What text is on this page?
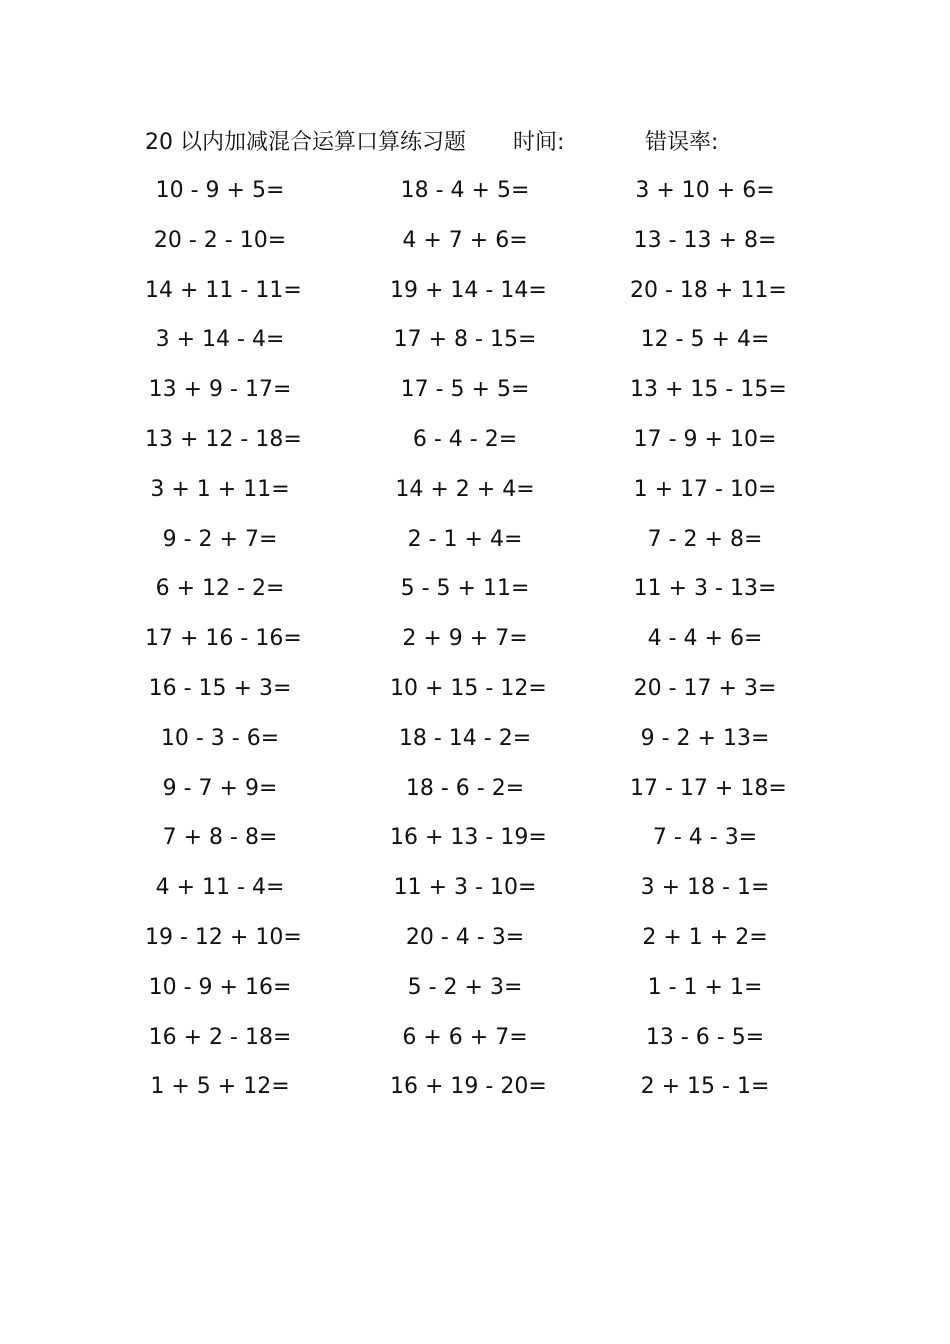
20 以内加减混合运算口算练习题 时间:	错误率:
10 - 9 + 5=	18 - 4 + 5=	3 + 10 + 6=
20 - 2 - 10=	4 + 7 + 6=	13 - 13 + 8=
14 + 11 - 11=	19 + 14 - 14=	20 - 18 + 11=
3 + 14 - 4=	17 + 8 - 15=	12 - 5 + 4=
13 + 9 - 17=	17 - 5 + 5=	13 + 15 - 15=
13 + 12 - 18=	6 - 4 - 2=	17 - 9 + 10=
3 + 1 + 11=	14 + 2 + 4=	1 + 17 - 10=
9 - 2 + 7=	2 - 1 + 4=	7 - 2 + 8=
6 + 12 - 2=	5 - 5 + 11=	11 + 3 - 13=
17 + 16 - 16=	2 + 9 + 7=	4 - 4 + 6=
16 - 15 + 3=	10 + 15 - 12=	20 - 17 + 3=
10 - 3 - 6=	18 - 14 - 2=	9 - 2 + 13=
9 - 7 + 9=	18 - 6 - 2=	17 - 17 + 18=
7 + 8 - 8=	16 + 13 - 19=	7 - 4 - 3=
4 + 11 - 4=	11 + 3 - 10=	3 + 18 - 1=
19 - 12 + 10=	20 - 4 - 3=	2 + 1 + 2=
10 - 9 + 16=	5 - 2 + 3=	1 - 1 + 1=
16 + 2 - 18=	6 + 6 + 7=	13 - 6 - 5=
1 + 5 + 12=	16 + 19 - 20=	2 + 15 - 1=
